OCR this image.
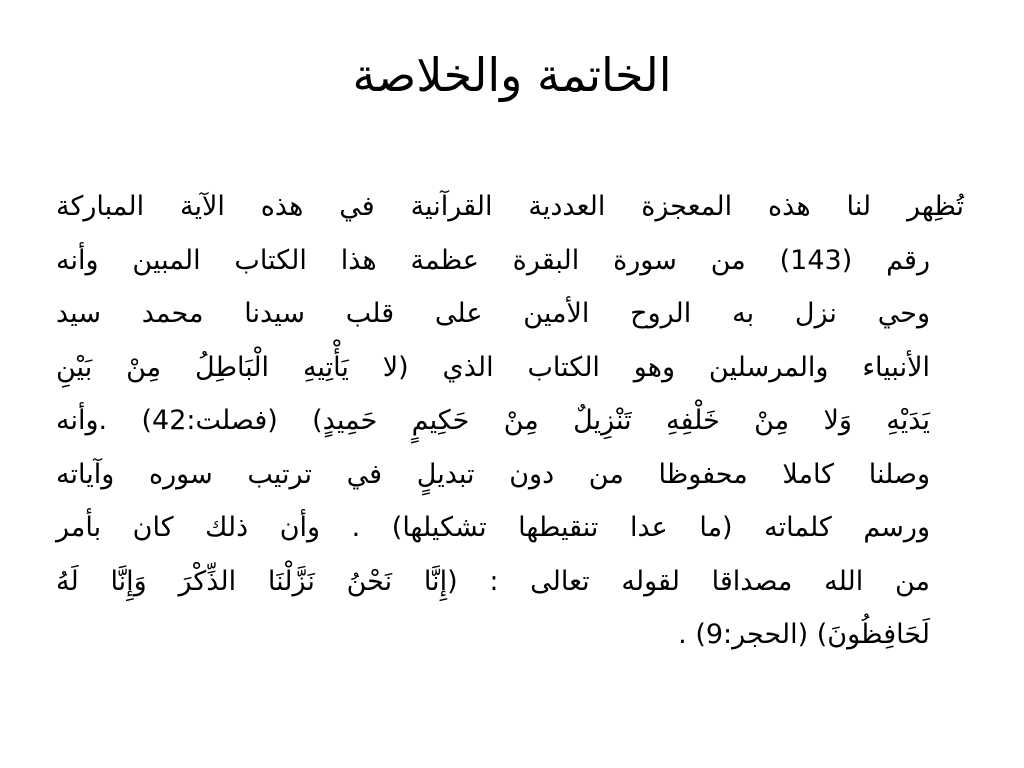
الخاتمة والخلاصة
تُظِهر لنا هذه المعجزة العددية القرآنية في هذه الآية المباركة
رقم (143) من سورة البقرة عظمة هذا الكتاب المبين وأنه
وحي نزل به الروح الأمين على قلب سيدنا محمد سيد
الأنبياء والمرسلين وهو الكتاب الذي (لا يَأْتِيهِ الْبَاطِلُ مِنْ بَيْنِ
يَدَيْهِ وَلا مِنْ خَلْفِهِ تَنْزِيلٌ مِنْ حَكِيمٍ حَمِيدٍ) (فصلت:42) .وأنه
وصلنا كاملا محفوظا من دون تبديلٍ في ترتيب سوره وآياته
ورسم كلماته (ما عدا تنقيطها تشكيلها) . وأن ذلك كان بأمر
من الله مصداقا لقوله تعالى : (إِنَّا نَحْنُ نَزَّلْنَا الذِّكْرَ وَإِنَّا لَهُ
لَحَافِظُونَ) (الحجر:9) .
